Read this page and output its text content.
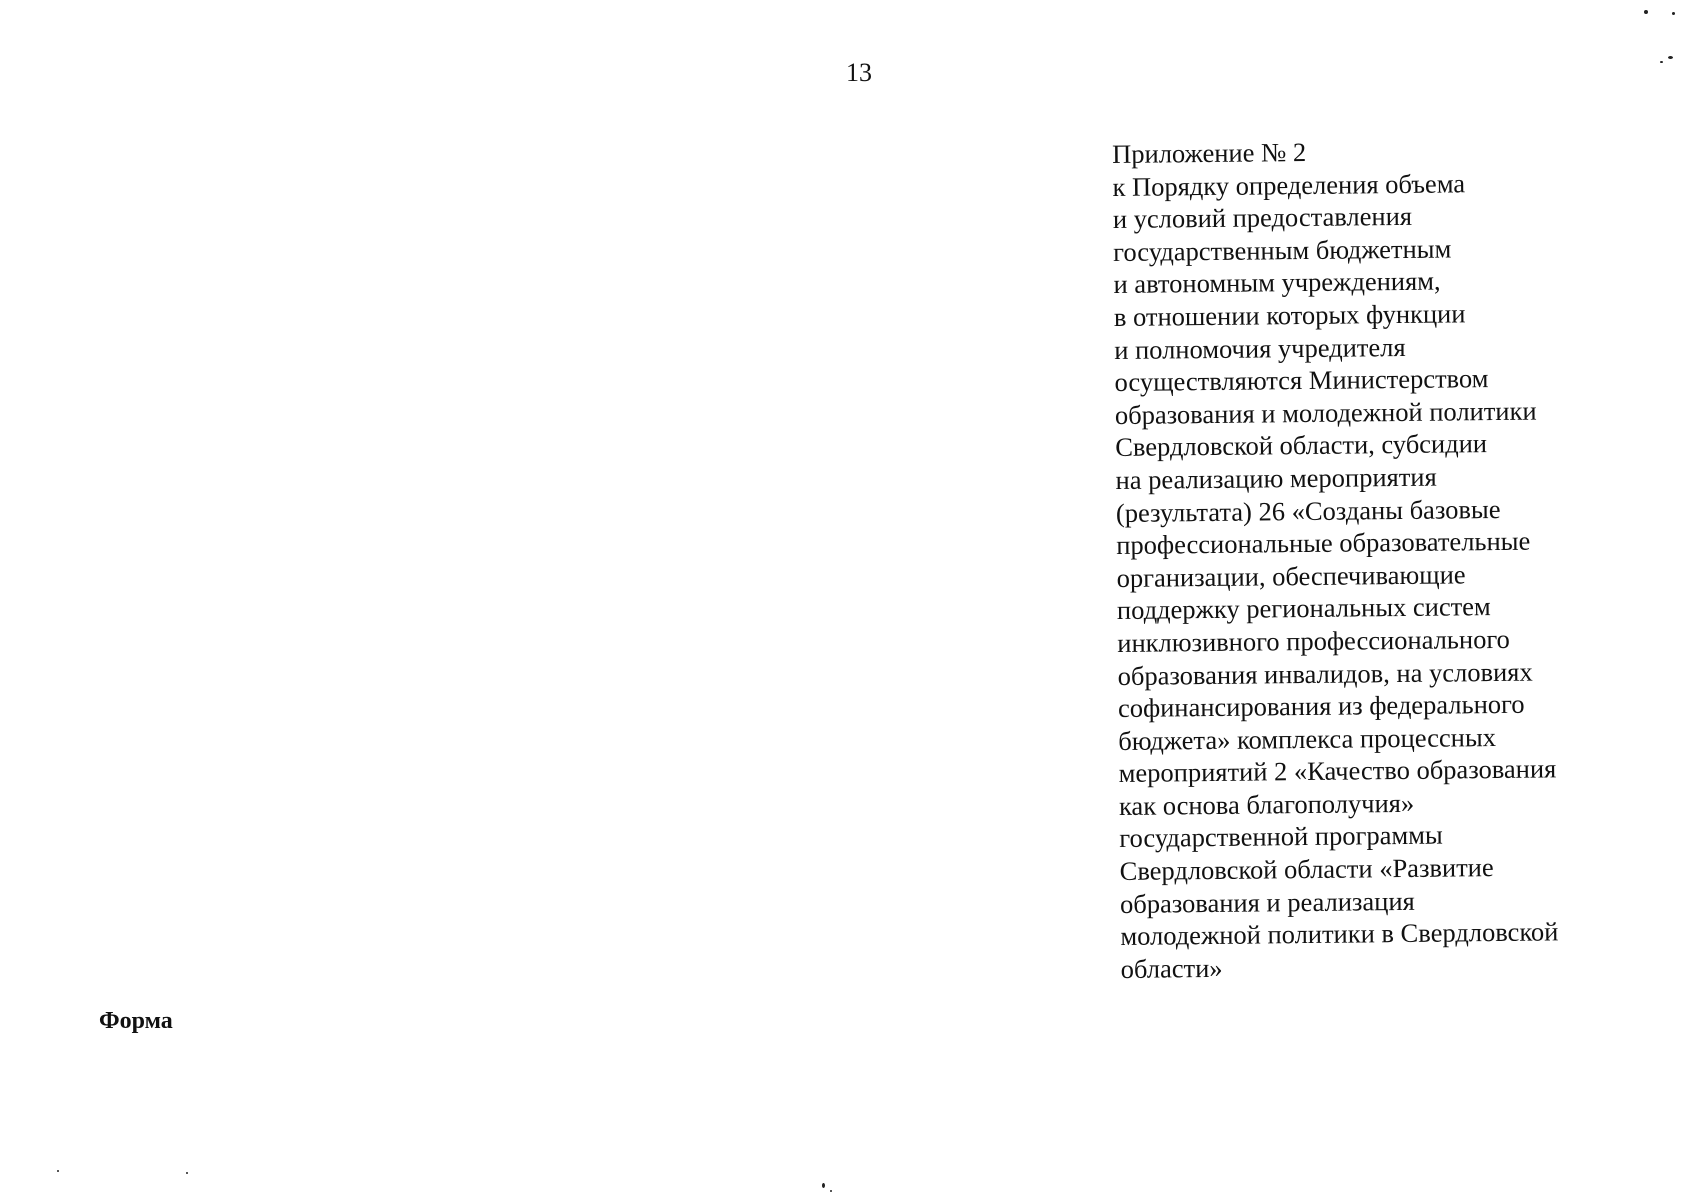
13
Приложение № 2
к Порядку определения объема
и условий предоставления
государственным бюджетным
и автономным учреждениям,
в отношении которых функции
и полномочия учредителя
осуществляются Министерством
образования и молодежной политики
Свердловской области, субсидии
на реализацию мероприятия
(результата) 26 «Созданы базовые
профессиональные образовательные
организации, обеспечивающие
поддержку региональных систем
инклюзивного профессионального
образования инвалидов, на условиях
софинансирования из федерального
бюджета» комплекса процессных
мероприятий 2 «Качество образования
как основа благополучия»
государственной программы
Свердловской области «Развитие
образования и реализация
молодежной политики в Свердловской
области»
Форма
